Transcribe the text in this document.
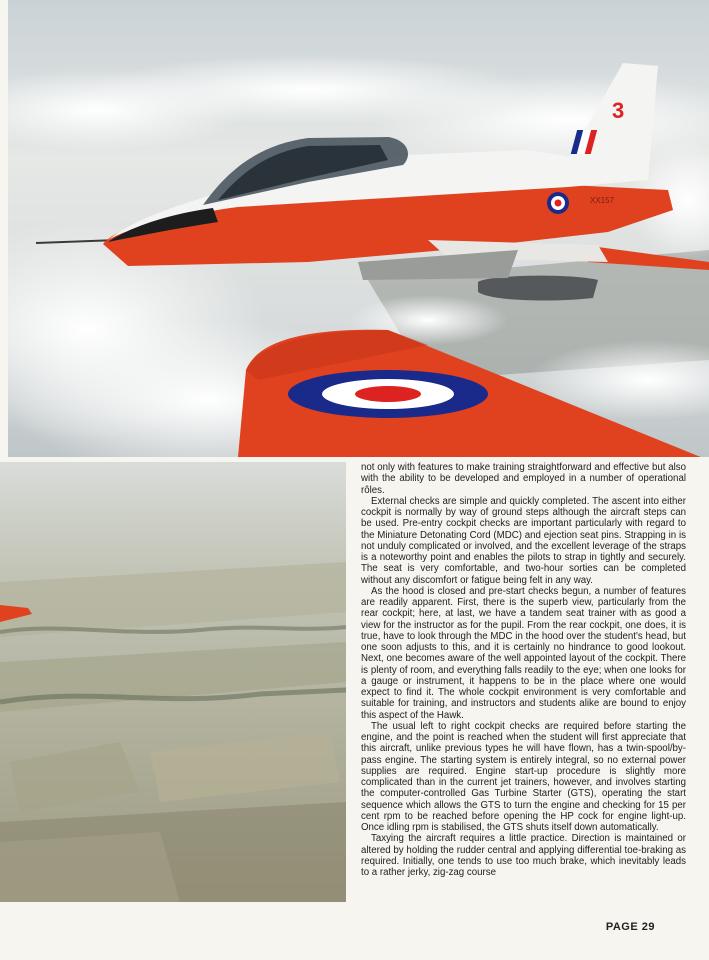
3
XX157

not only with features to make training straightforward and effective but also with the ability to be developed and employed in a number of operational rôles.

External checks are simple and quickly completed. The ascent into either cockpit is normally by way of ground steps although the aircraft steps can be used. Pre-entry cockpit checks are important particularly with regard to the Miniature Detonating Cord (MDC) and ejection seat pins. Strapping in is not unduly complicated or involved, and the excellent leverage of the straps is a noteworthy point and enables the pilots to strap in tightly and securely. The seat is very comfortable, and two-hour sorties can be completed without any discomfort or fatigue being felt in any way.

As the hood is closed and pre-start checks begun, a number of features are readily apparent. First, there is the superb view, particularly from the rear cockpit; here, at last, we have a tandem seat trainer with as good a view for the instructor as for the pupil. From the rear cockpit, one does, it is true, have to look through the MDC in the hood over the student's head, but one soon adjusts to this, and it is certainly no hindrance to good lookout. Next, one becomes aware of the well appointed layout of the cockpit. There is plenty of room, and everything falls readily to the eye; when one looks for a gauge or instrument, it happens to be in the place where one would expect to find it. The whole cockpit environment is very comfortable and suitable for training, and instructors and students alike are bound to enjoy this aspect of the Hawk.

The usual left to right cockpit checks are required before starting the engine, and the point is reached when the student will first appreciate that this aircraft, unlike previous types he will have flown, has a twin-spool/by-pass engine. The starting system is entirely integral, so no external power supplies are required. Engine start-up procedure is slightly more complicated than in the current jet trainers, however, and involves starting the computer-controlled Gas Turbine Starter (GTS), operating the start sequence which allows the GTS to turn the engine and checking for 15 per cent rpm to be reached before opening the HP cock for engine light-up. Once idling rpm is stabilised, the GTS shuts itself down automatically.

Taxying the aircraft requires a little practice. Direction is maintained or altered by holding the rudder central and applying differential toe-braking as required. Initially, one tends to use too much brake, which inevitably leads to a rather jerky, zig-zag course

PAGE 29
